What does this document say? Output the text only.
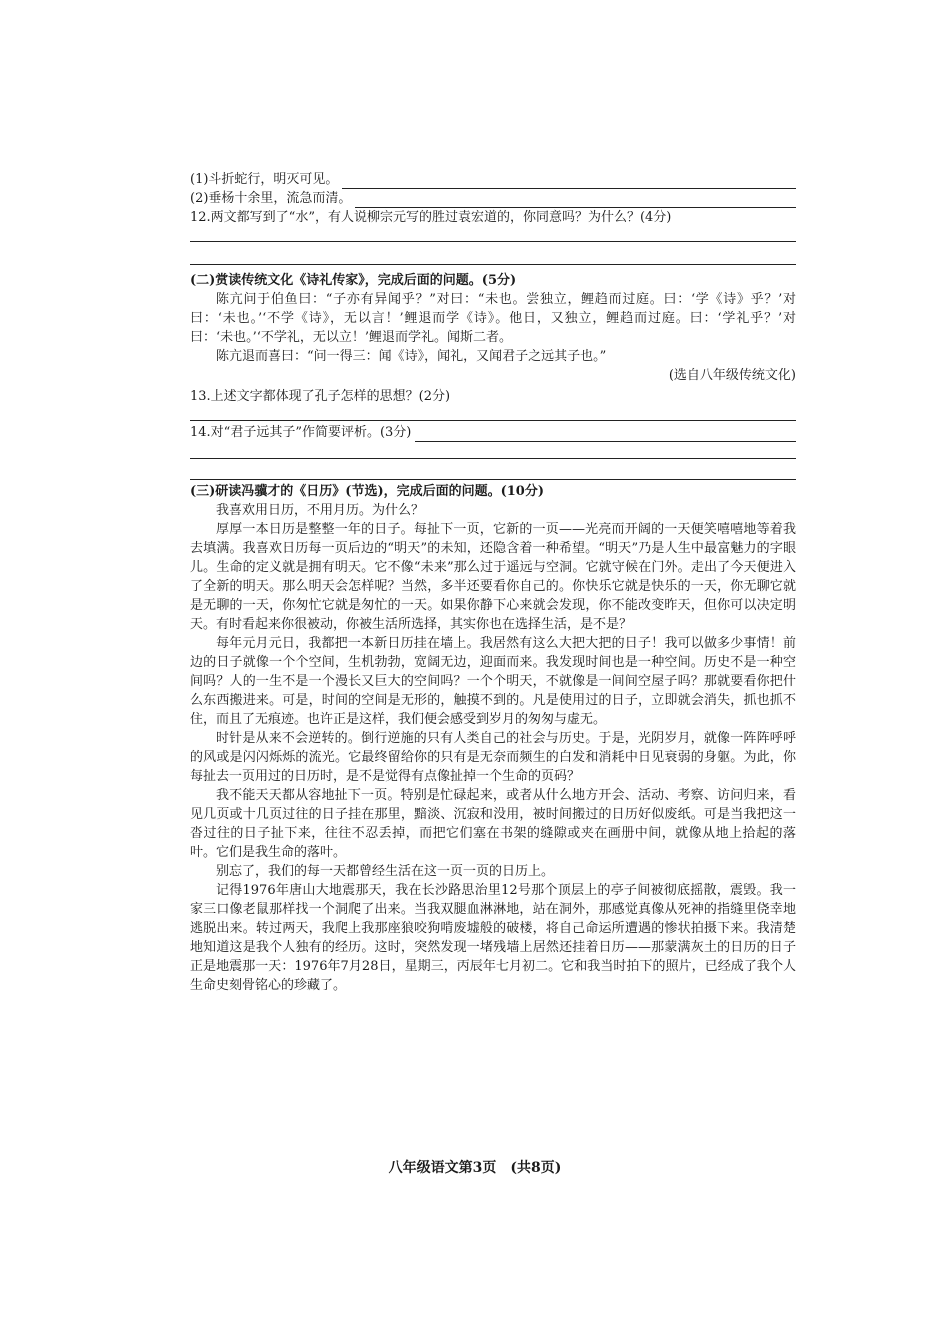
(1)斗折蛇行，明灭可见。
(2)垂杨十余里，流急而清。

12.两文都写到了“水”，有人说柳宗元写的胜过袁宏道的，你同意吗？为什么？(4分)

(二)赏读传统文化《诗礼传家》，完成后面的问题。(5分)

陈亢问于伯鱼曰：“子亦有异闻乎？”对曰：“未也。尝独立，鲤趋而过庭。曰：‘学《诗》乎？’对曰：‘未也。’‘不学《诗》，无以言！’鲤退而学《诗》。他日，又独立，鲤趋而过庭。曰：‘学礼乎？’对曰：‘未也。’‘不学礼，无以立！’鲤退而学礼。闻斯二者。

陈亢退而喜曰：“问一得三：闻《诗》，闻礼，又闻君子之远其子也。”

(选自八年级传统文化)

13.上述文字都体现了孔子怎样的思想？(2分)

14.对“君子远其子”作简要评析。(3分)

(三)研读冯骥才的《日历》(节选)，完成后面的问题。(10分)

我喜欢用日历，不用月历。为什么？

厚厚一本日历是整整一年的日子。每扯下一页，它新的一页——光亮而开阔的一天便笑嘻嘻地等着我去填满。我喜欢日历每一页后边的“明天”的未知，还隐含着一种希望。“明天”乃是人生中最富魅力的字眼儿。生命的定义就是拥有明天。它不像“未来”那么过于遥远与空洞。它就守候在门外。走出了今天便进入了全新的明天。那么明天会怎样呢？当然，多半还要看你自己的。你快乐它就是快乐的一天，你无聊它就是无聊的一天，你匆忙它就是匆忙的一天。如果你静下心来就会发现，你不能改变昨天，但你可以决定明天。有时看起来你很被动，你被生活所选择，其实你也在选择生活，是不是？

每年元月元日，我都把一本新日历挂在墙上。我居然有这么大把大把的日子！我可以做多少事情！前边的日子就像一个个空间，生机勃勃，宽阔无边，迎面而来。我发现时间也是一种空间。历史不是一种空间吗？人的一生不是一个漫长又巨大的空间吗？一个个明天，不就像是一间间空屋子吗？那就要看你把什么东西搬进来。可是，时间的空间是无形的，触摸不到的。凡是使用过的日子，立即就会消失，抓也抓不住，而且了无痕迹。也许正是这样，我们便会感受到岁月的匆匆与虚无。

时针是从来不会逆转的。倒行逆施的只有人类自己的社会与历史。于是，光阴岁月，就像一阵阵呼呼的风或是闪闪烁烁的流光。它最终留给你的只有是无奈而频生的白发和消耗中日见衰弱的身躯。为此，你每扯去一页用过的日历时，是不是觉得有点像扯掉一个生命的页码？

我不能天天都从容地扯下一页。特别是忙碌起来，或者从什么地方开会、活动、考察、访问归来，看见几页或十几页过往的日子挂在那里，黯淡、沉寂和没用，被时间搬过的日历好似废纸。可是当我把这一沓过往的日子扯下来，往往不忍丢掉，而把它们塞在书架的缝隙或夹在画册中间，就像从地上拾起的落叶。它们是我生命的落叶。

别忘了，我们的每一天都曾经生活在这一页一页的日历上。

记得1976年唐山大地震那天，我在长沙路思治里12号那个顶层上的亭子间被彻底摇散，震毁。我一家三口像老鼠那样找一个洞爬了出来。当我双腿血淋淋地，站在洞外，那感觉真像从死神的指缝里侥幸地逃脱出来。转过两天，我爬上我那座狼咬狗啃废墟般的破楼，将自己命运所遭遇的惨状拍摄下来。我清楚地知道这是我个人独有的经历。这时，突然发现一堵残墙上居然还挂着日历——那蒙满灰土的日历的日子正是地震那一天：1976年7月28日，星期三，丙辰年七月初二。它和我当时拍下的照片，已经成了我个人生命史刻骨铭心的珍藏了。

八年级语文第3页　(共8页)
